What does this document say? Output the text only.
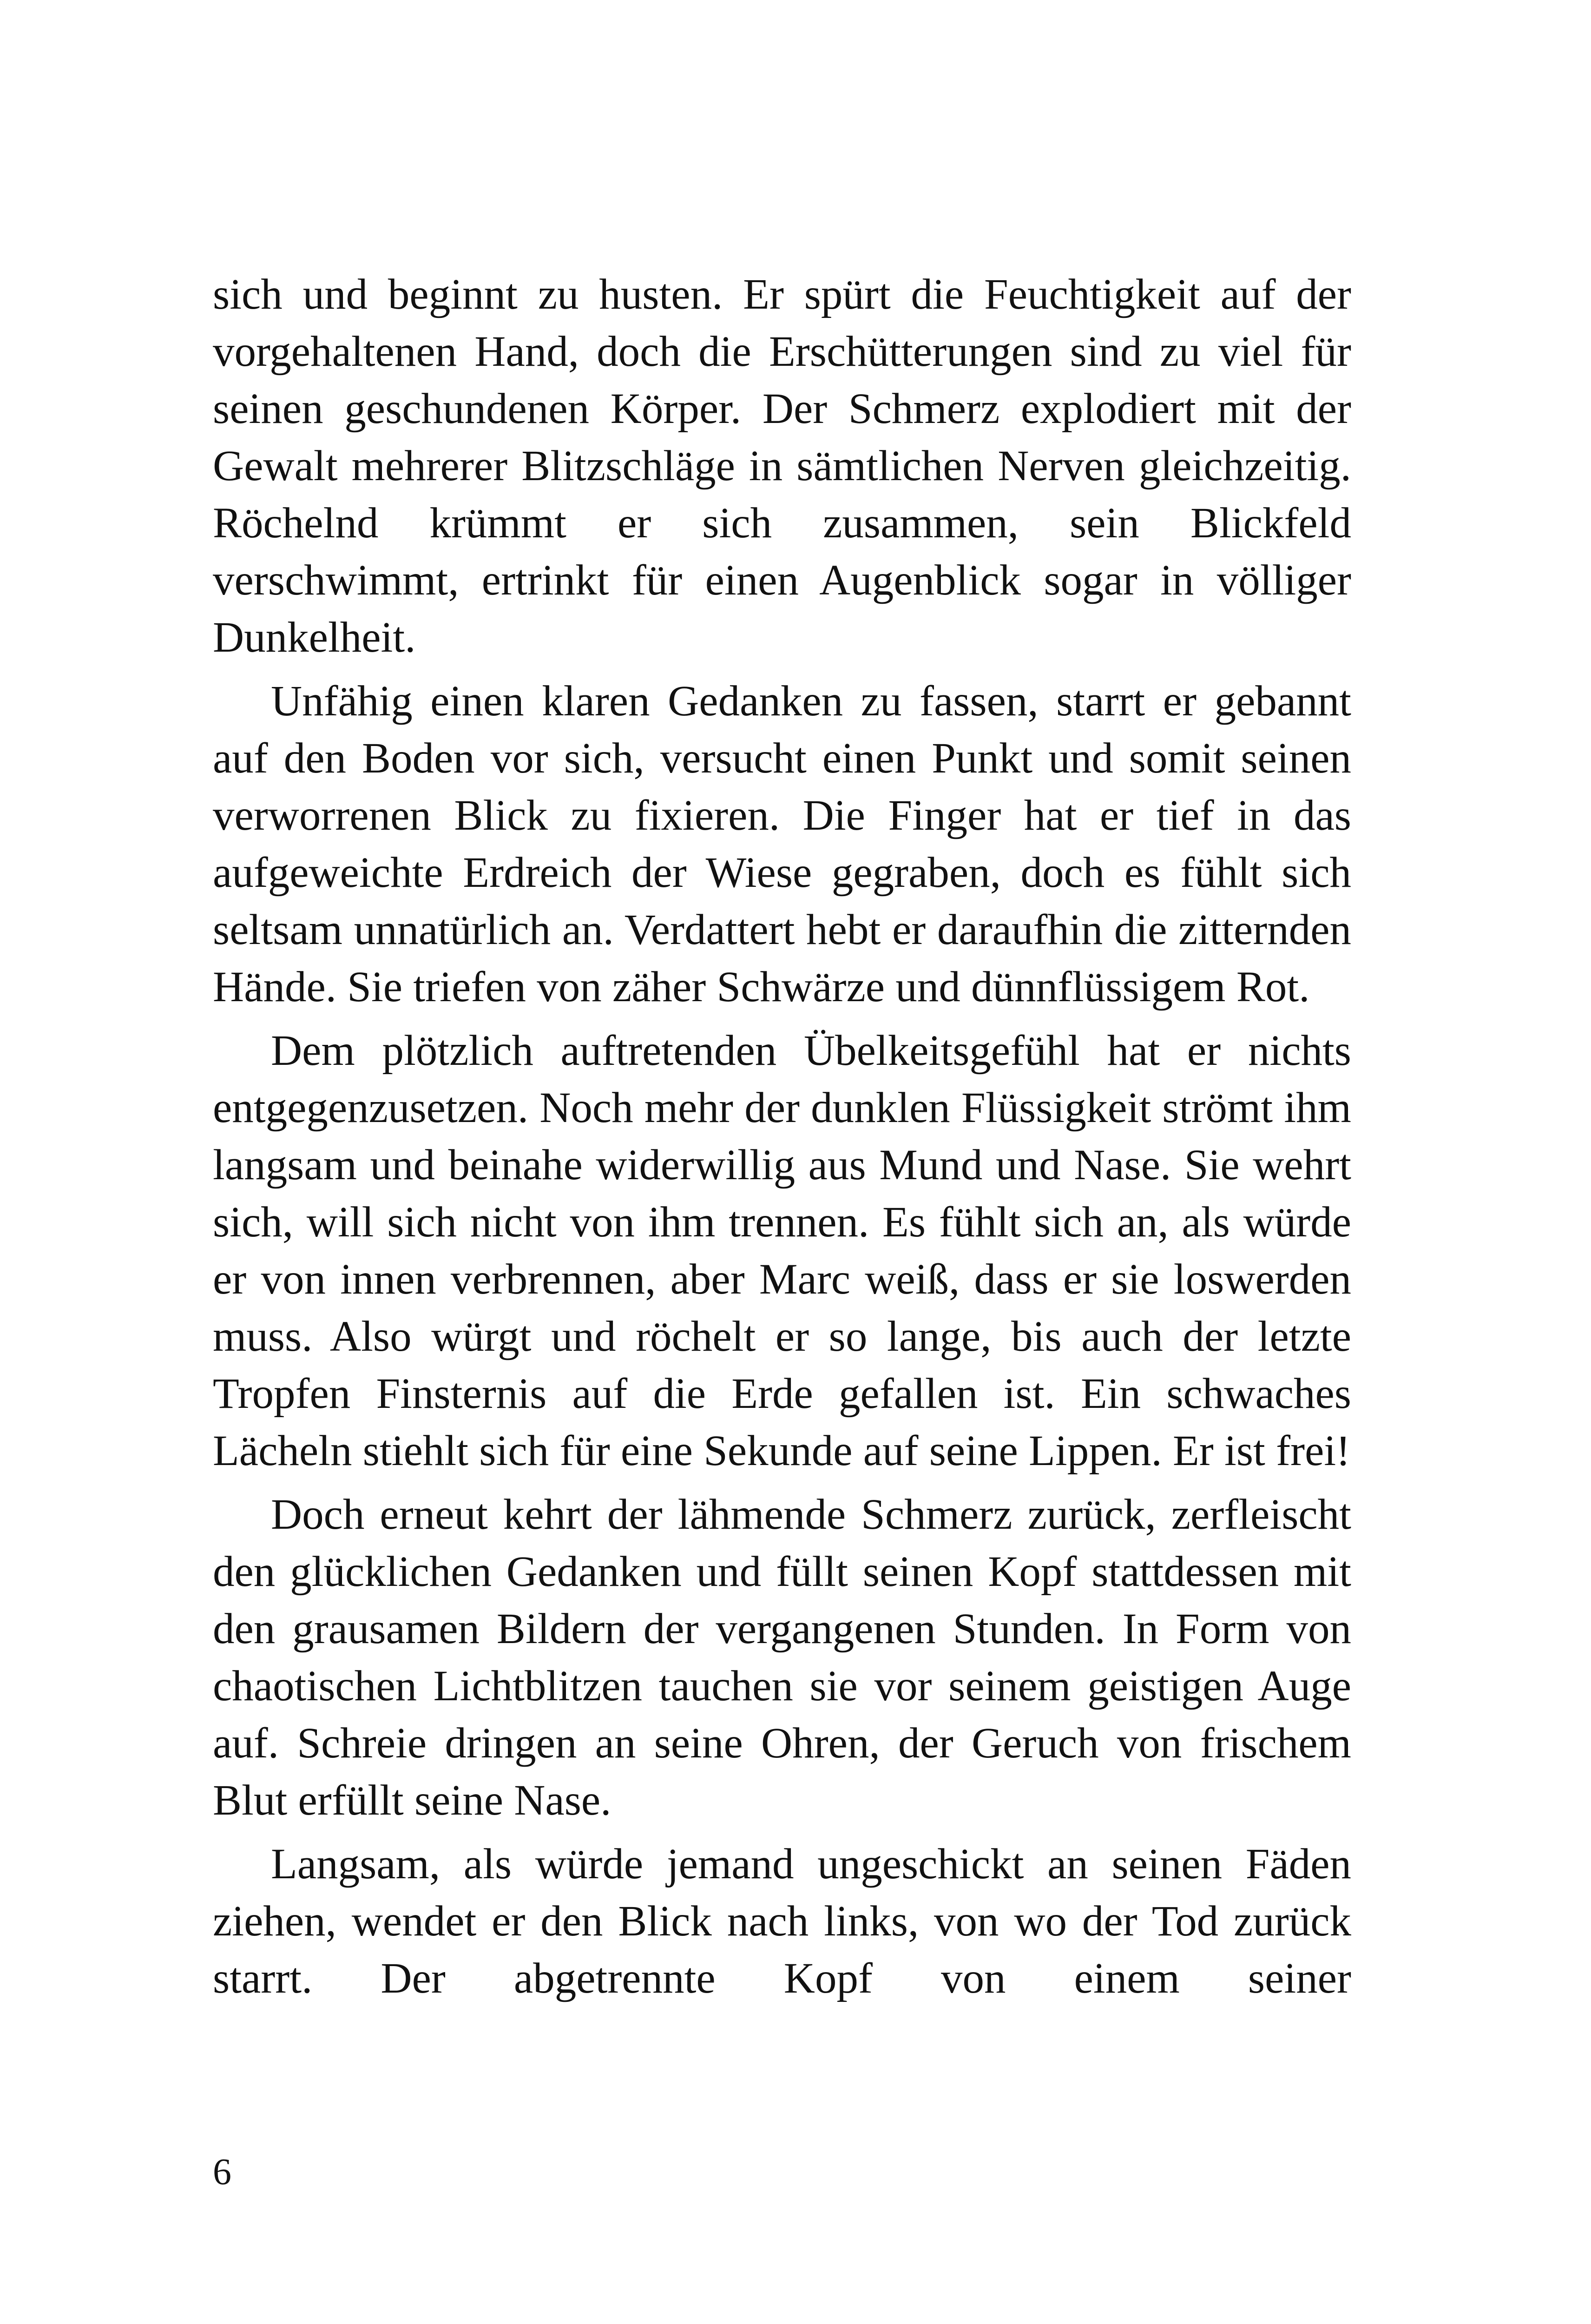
sich und beginnt zu husten. Er spürt die Feuchtigkeit auf der vorgehaltenen Hand, doch die Erschütterungen sind zu viel für seinen geschundenen Körper. Der Schmerz explodiert mit der Gewalt mehrerer Blitzschläge in sämtlichen Nerven gleichzeitig. Röchelnd krümmt er sich zusammen, sein Blickfeld verschwimmt, ertrinkt für einen Augenblick sogar in völliger Dunkelheit.

Unfähig einen klaren Gedanken zu fassen, starrt er gebannt auf den Boden vor sich, versucht einen Punkt und somit seinen verworrenen Blick zu fixieren. Die Finger hat er tief in das aufgeweichte Erdreich der Wiese gegraben, doch es fühlt sich seltsam unnatürlich an. Verdattert hebt er daraufhin die zitternden Hände. Sie triefen von zäher Schwärze und dünnflüssigem Rot.

Dem plötzlich auftretenden Übelkeitsgefühl hat er nichts entgegenzusetzen. Noch mehr der dunklen Flüssigkeit strömt ihm langsam und beinahe widerwillig aus Mund und Nase. Sie wehrt sich, will sich nicht von ihm trennen. Es fühlt sich an, als würde er von innen verbrennen, aber Marc weiß, dass er sie loswerden muss. Also würgt und röchelt er so lange, bis auch der letzte Tropfen Finsternis auf die Erde gefallen ist. Ein schwaches Lächeln stiehlt sich für eine Sekunde auf seine Lippen. Er ist frei!

Doch erneut kehrt der lähmende Schmerz zurück, zerfleischt den glücklichen Gedanken und füllt seinen Kopf stattdessen mit den grausamen Bildern der vergangenen Stunden. In Form von chaotischen Lichtblitzen tauchen sie vor seinem geistigen Auge auf. Schreie dringen an seine Ohren, der Geruch von frischem Blut erfüllt seine Nase.

Langsam, als würde jemand ungeschickt an seinen Fäden ziehen, wendet er den Blick nach links, von wo der Tod zurück starrt. Der abgetrennte Kopf von einem seiner

6
